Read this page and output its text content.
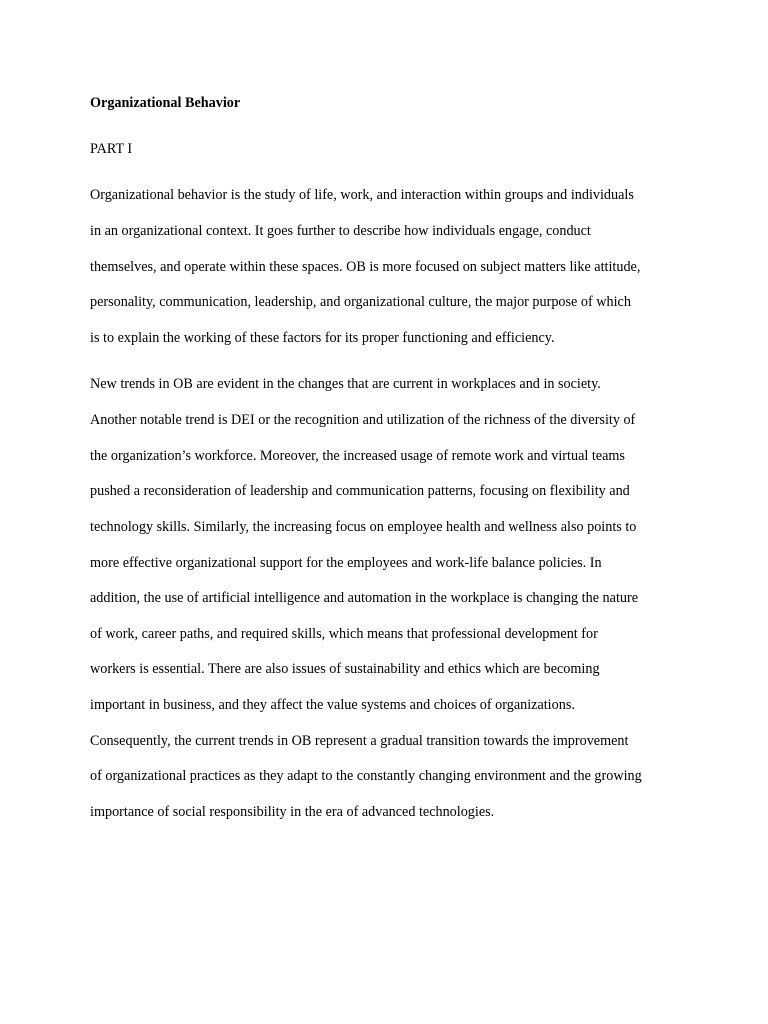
Organizational Behavior
PART I
Organizational behavior is the study of life, work, and interaction within groups and individuals
in an organizational context. It goes further to describe how individuals engage, conduct
themselves, and operate within these spaces. OB is more focused on subject matters like attitude,
personality, communication, leadership, and organizational culture, the major purpose of which
is to explain the working of these factors for its proper functioning and efficiency.
New trends in OB are evident in the changes that are current in workplaces and in society.
Another notable trend is DEI or the recognition and utilization of the richness of the diversity of
the organization’s workforce. Moreover, the increased usage of remote work and virtual teams
pushed a reconsideration of leadership and communication patterns, focusing on flexibility and
technology skills. Similarly, the increasing focus on employee health and wellness also points to
more effective organizational support for the employees and work-life balance policies. In
addition, the use of artificial intelligence and automation in the workplace is changing the nature
of work, career paths, and required skills, which means that professional development for
workers is essential. There are also issues of sustainability and ethics which are becoming
important in business, and they affect the value systems and choices of organizations.
Consequently, the current trends in OB represent a gradual transition towards the improvement
of organizational practices as they adapt to the constantly changing environment and the growing
importance of social responsibility in the era of advanced technologies.
